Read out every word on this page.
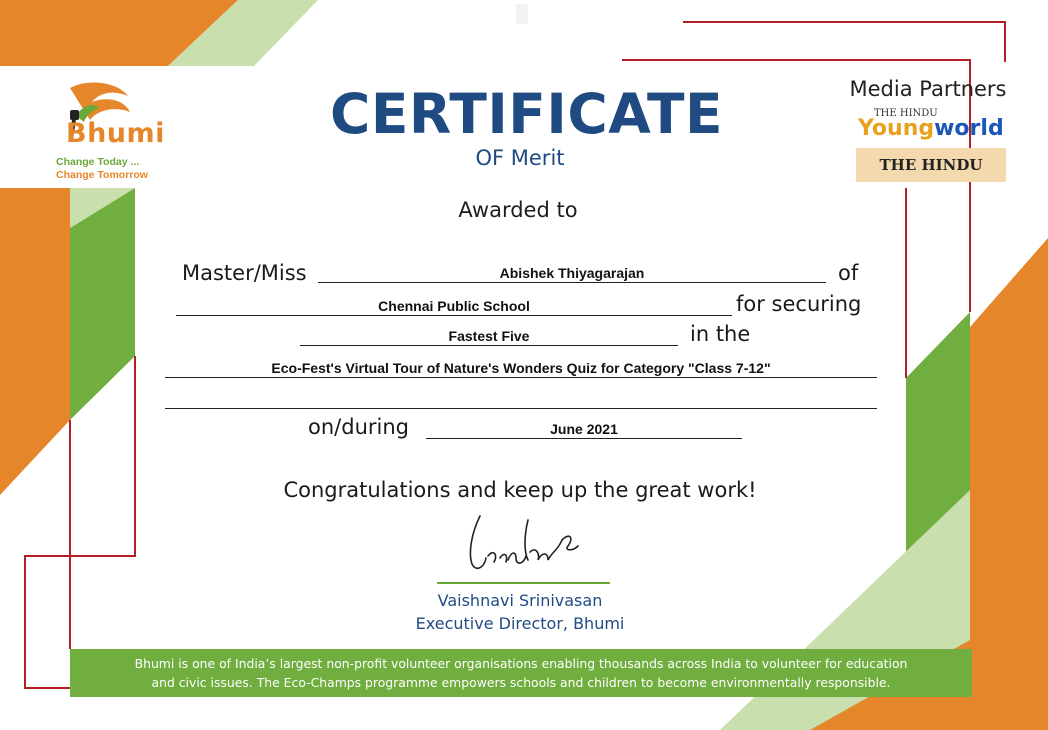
Bhumi
Change Today ...
Change Tomorrow
CERTIFICATE
OF Merit
Media Partners
THE HINDU
Youngworld
THE HINDU
Awarded to
Master/Miss	Abishek Thiyagarajan	of
Chennai Public School	for securing
Fastest Five	in the
Eco-Fest's Virtual Tour of Nature's Wonders Quiz for Category "Class 7-12"
on/during	June 2021
Congratulations and keep up the great work!
Vaishnavi Srinivasan
Executive Director, Bhumi
Bhumi is one of India’s largest non-profit volunteer organisations enabling thousands across India to volunteer for education
and civic issues. The Eco-Champs programme empowers schools and children to become environmentally responsible.
